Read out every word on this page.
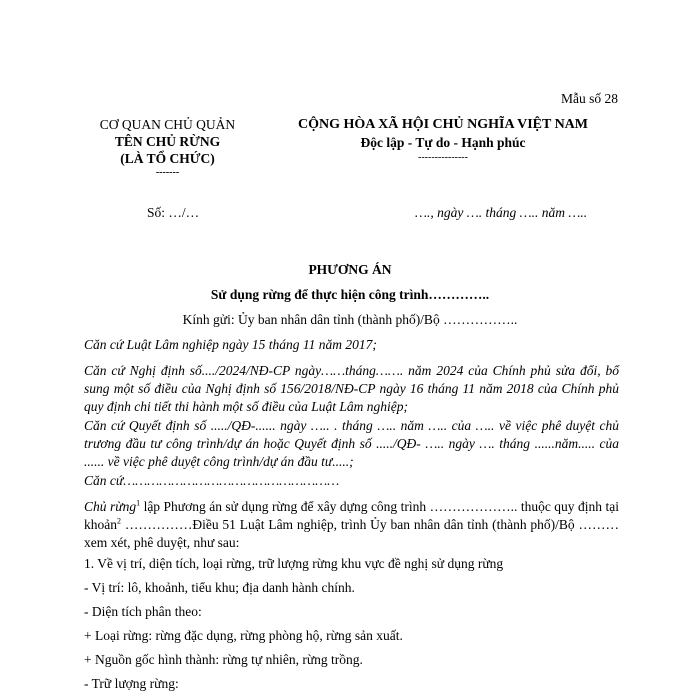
Mẫu số 28
CƠ QUAN CHỦ QUẢN
TÊN CHỦ RỪNG
(LÀ TỔ CHỨC)
-------
CỘNG HÒA XÃ HỘI CHỦ NGHĨA VIỆT NAM
Độc lập - Tự do - Hạnh phúc
---------------
Số: …/…	…., ngày …. tháng ….. năm …..
PHƯƠNG ÁN
Sử dụng rừng để thực hiện công trình…………..
Kính gửi: Ủy ban nhân dân tỉnh (thành phố)/Bộ ……………..
Căn cứ Luật Lâm nghiệp ngày 15 tháng 11 năm 2017;
Căn cứ Nghị định số..../2024/NĐ-CP ngày……tháng……. năm 2024 của Chính phủ sửa đổi, bổ sung một số điều của Nghị định số 156/2018/NĐ-CP ngày 16 tháng 11 năm 2018 của Chính phủ quy định chi tiết thi hành một số điều của Luật Lâm nghiệp;
Căn cứ Quyết định số ...../QĐ-...... ngày ….. . tháng ….. năm ….. của ….. về việc phê duyệt chủ trương đầu tư công trình/dự án hoặc Quyết định số ...../QĐ- ….. ngày …. tháng ......năm..... của ...... về việc phê duyệt công trình/dự án đầu tư.....;
Căn cứ………………………………………………
Chủ rừng$^1$ lập Phương án sử dụng rừng để xây dựng công trình ……………….. thuộc quy định tại khoản$^2$ ……………Điều 51 Luật Lâm nghiệp, trình Ủy ban nhân dân tỉnh (thành phố)/Bộ ……… xem xét, phê duyệt, như sau:
1. Về vị trí, diện tích, loại rừng, trữ lượng rừng khu vực đề nghị sử dụng rừng
- Vị trí: lô, khoảnh, tiểu khu; địa danh hành chính.
- Diện tích phân theo:
+ Loại rừng: rừng đặc dụng, rừng phòng hộ, rừng sản xuất.
+ Nguồn gốc hình thành: rừng tự nhiên, rừng trồng.
- Trữ lượng rừng:
